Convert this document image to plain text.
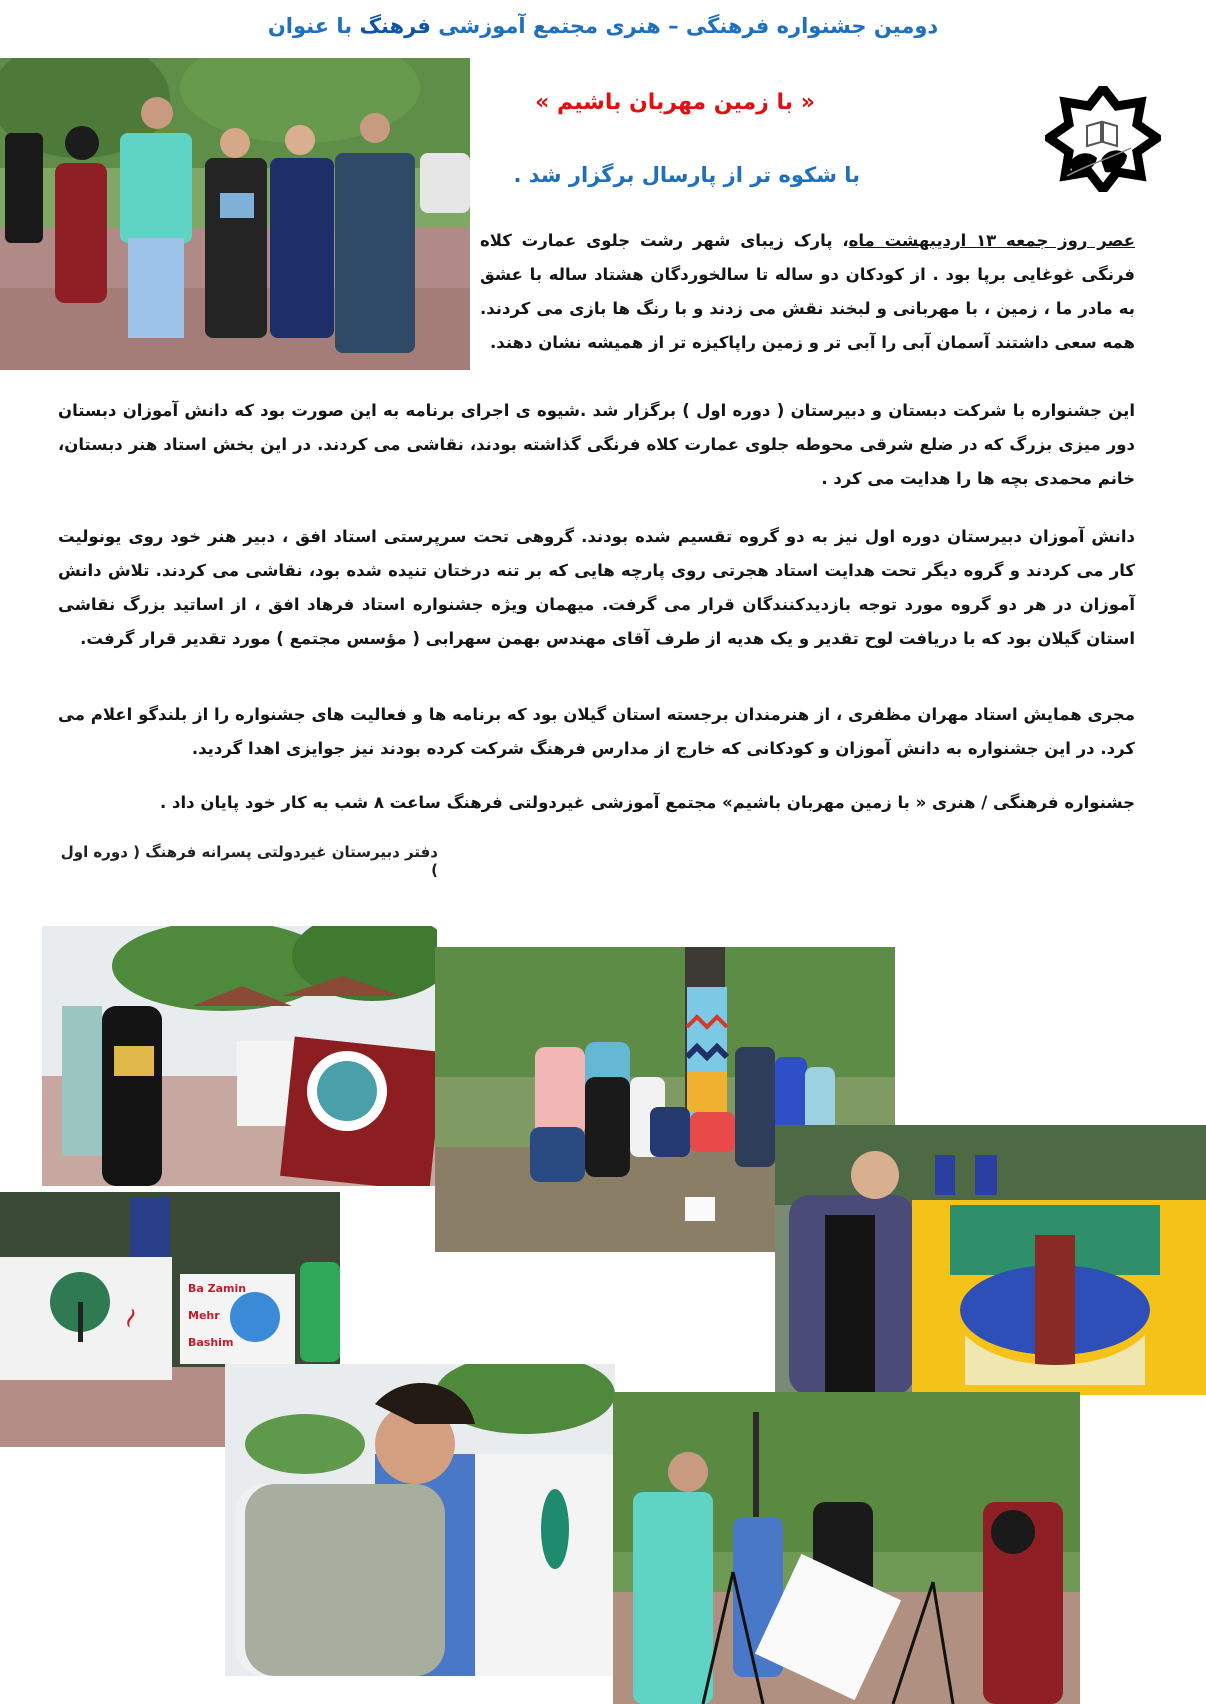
دومین جشنواره فرهنگی – هنری مجتمع آموزشی فرهنگ با عنوان
« با زمین مهربان باشیم »
با شکوه تر از پارسال برگزار شد .
عصر روز جمعه ۱۳ اردیبهشت ماه، پارک زیبای شهر رشت جلوی عمارت کلاه فرنگی غوغایی برپا بود . از کودکان دو ساله تا سالخوردگان هشتاد ساله با عشق به مادر ما ، زمین ، با مهربانی و لبخند نقش می زدند و با رنگ ها بازی می کردند. همه سعی داشتند آسمان آبی را آبی تر و زمین راپاکیزه تر از همیشه نشان دهند.
این جشنواره با شرکت دبستان و دبیرستان ( دوره اول ) برگزار شد .شیوه ی اجرای برنامه به این صورت بود که دانش آموزان دبستان دور میزی بزرگ که در ضلع شرقی محوطه جلوی عمارت کلاه فرنگی گذاشته بودند، نقاشی می کردند. در این بخش استاد هنر دبستان، خانم محمدی بچه ها را هدایت می کرد .
دانش آموزان دبیرستان دوره اول نیز به دو گروه تقسیم شده بودند. گروهی تحت سرپرستی استاد افق ، دبیر هنر خود روی یونولیت کار می کردند و گروه دیگر تحت هدایت استاد هجرتی روی پارچه هایی که بر تنه درختان تنیده شده بود، نقاشی می کردند. تلاش دانش آموزان در هر دو گروه مورد توجه بازدیدکنندگان قرار می گرفت. میهمان ویژه جشنواره استاد فرهاد افق ، از اساتید بزرگ نقاشی استان گیلان بود که با دریافت لوح تقدیر و یک هدیه از طرف آقای مهندس بهمن سهرابی ( مؤسس مجتمع ) مورد تقدیر قرار گرفت.
مجری همایش استاد مهران مظفری ، از هنرمندان برجسته استان گیلان بود که برنامه ها و فعالیت های جشنواره را از بلندگو اعلام می کرد. در این جشنواره به دانش آموزان و کودکانی که خارج از مدارس فرهنگ شرکت کرده بودند نیز جوایزی اهدا گردید.
جشنواره فرهنگی / هنری « با زمین مهربان باشیم» مجتمع آموزشی غیردولتی فرهنگ ساعت ۸ شب به کار خود پایان داد .
دفتر دبیرستان غیردولتی پسرانه فرهنگ ( دوره اول )
~
Ba Zamin
Mehr
Bashim
